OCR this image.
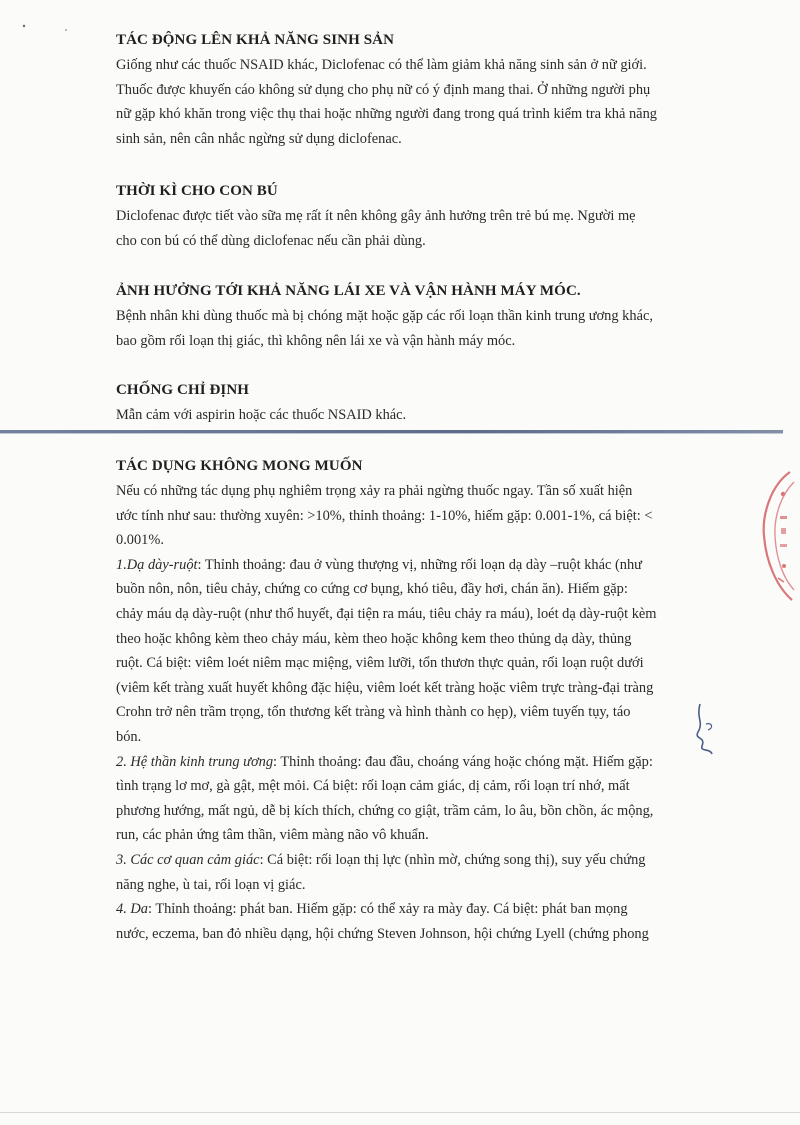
TÁC ĐỘNG LÊN KHẢ NĂNG SINH SẢN

Giống như các thuốc NSAID khác, Diclofenac có thể làm giảm khả năng sinh sản ở nữ giới.

Thuốc được khuyến cáo không sử dụng cho phụ nữ có ý định mang thai. Ở những người phụ

nữ gặp khó khăn trong việc thụ thai hoặc những người đang trong quá trình kiểm tra khả năng

sinh sản, nên cân nhắc ngừng sử dụng diclofenac.

THỜI KÌ CHO CON BÚ

Diclofenac được tiết vào sữa mẹ rất ít nên không gây ảnh hưởng trên trẻ bú mẹ. Người mẹ

cho con bú có thể dùng diclofenac nếu cần phải dùng.

ẢNH HƯỞNG TỚI KHẢ NĂNG LÁI XE VÀ VẬN HÀNH MÁY MÓC.

Bệnh nhân khi dùng thuốc mà bị chóng mặt hoặc gặp các rối loạn thần kinh trung ương khác,

bao gồm rối loạn thị giác, thì không nên lái xe và vận hành máy móc.

CHỐNG CHỈ ĐỊNH

Mẫn cảm với aspirin hoặc các thuốc NSAID khác.

TÁC DỤNG KHÔNG MONG MUỐN

Nếu có những tác dụng phụ nghiêm trọng xảy ra phải ngừng thuốc ngay. Tần số xuất hiện

ước tính như sau: thường xuyên: >10%, thỉnh thoảng: 1-10%, hiếm gặp: 0.001-1%, cá biệt: <

0.001%.

1.Dạ dày-ruột: Thỉnh thoảng: đau ở vùng thượng vị, những rối loạn dạ dày –ruột khác (như

buồn nôn, nôn, tiêu chảy, chứng co cứng cơ bụng, khó tiêu, đầy hơi, chán ăn). Hiếm gặp:

chảy máu dạ dày-ruột (như thổ huyết, đại tiện ra máu, tiêu chảy ra máu), loét dạ dày-ruột kèm

theo hoặc không kèm theo chảy máu, kèm theo hoặc không kem theo thủng dạ dày, thủng

ruột. Cá biệt: viêm loét niêm mạc miệng, viêm lưỡi, tổn thươn thực quản, rối loạn ruột dưới

(viêm kết tràng xuất huyết không đặc hiệu, viêm loét kết tràng hoặc viêm trực tràng-đại tràng

Crohn trở nên trầm trọng, tổn thương kết tràng và hình thành co hẹp), viêm tuyến tụy, táo

bón.

2. Hệ thần kinh trung ương: Thỉnh thoảng: đau đầu, choáng váng hoặc chóng mặt. Hiếm gặp:

tình trạng lơ mơ, gà gật, mệt mỏi. Cá biệt: rối loạn cảm giác, dị cảm, rối loạn trí nhớ, mất

phương hướng, mất ngủ, dễ bị kích thích, chứng co giật, trầm cảm, lo âu, bồn chồn, ác mộng,

run, các phản ứng tâm thần, viêm màng não vô khuẩn.

3. Các cơ quan cảm giác: Cá biệt: rối loạn thị lực (nhìn mờ, chứng song thị), suy yếu chứng

năng nghe, ù tai, rối loạn vị giác.

4. Da: Thỉnh thoảng: phát ban. Hiếm gặp: có thể xảy ra mày đay. Cá biệt: phát ban mọng

nước, eczema, ban đỏ nhiều dạng, hội chứng Steven Johnson, hội chứng Lyell (chứng phong
